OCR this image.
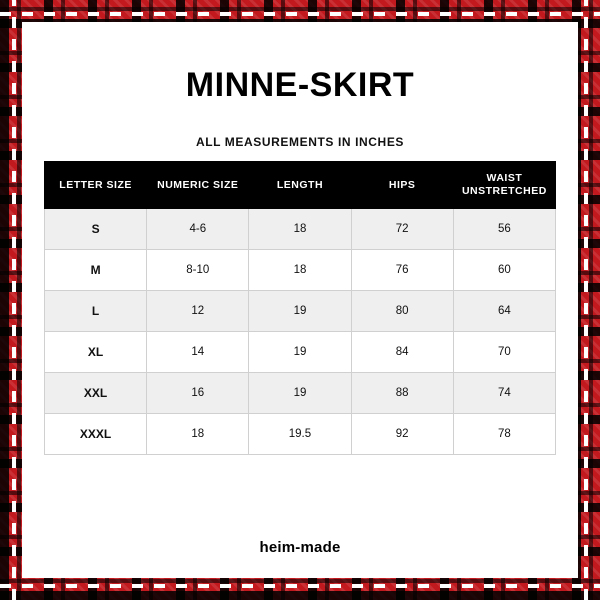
MINNE-SKIRT
ALL MEASUREMENTS IN INCHES
LETTER SIZE	NUMERIC SIZE	LENGTH	HIPS	WAIST UNSTRETCHED
S	4-6	18	72	56
M	8-10	18	76	60
L	12	19	80	64
XL	14	19	84	70
XXL	16	19	88	74
XXXL	18	19.5	92	78
heim-made
